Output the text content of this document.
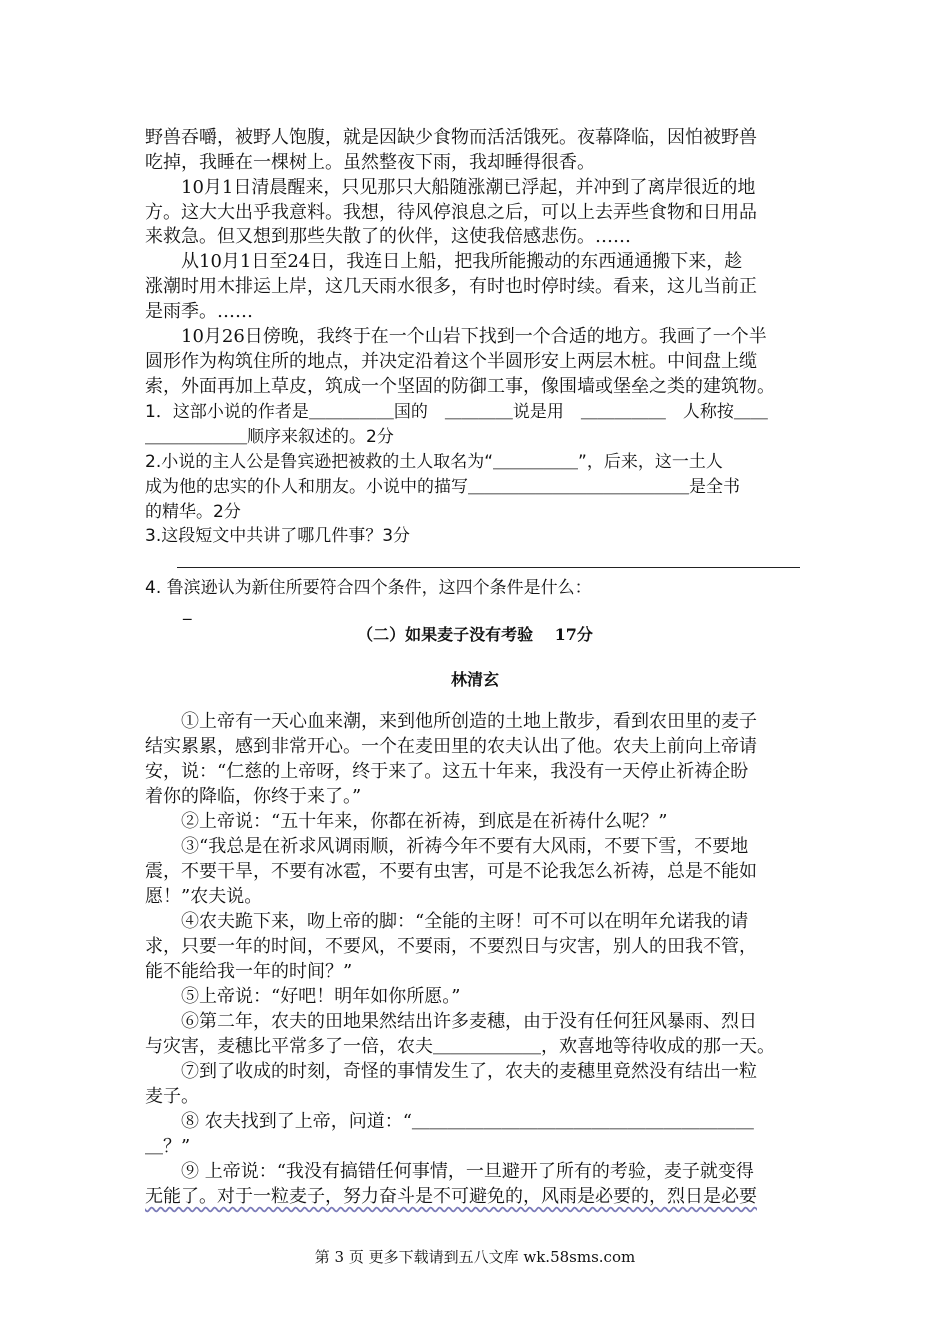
野兽吞嚼，被野人饱腹，就是因缺少食物而活活饿死。夜幕降临，因怕被野兽
吃掉，我睡在一棵树上。虽然整夜下雨，我却睡得很香。
　　10月1日清晨醒来，只见那只大船随涨潮已浮起，并冲到了离岸很近的地
方。这大大出乎我意料。我想，待风停浪息之后，可以上去弄些食物和日用品
来救急。但又想到那些失散了的伙伴，这使我倍感悲伤。……
　　从10月1日至24日，我连日上船，把我所能搬动的东西通通搬下来，趁
涨潮时用木排运上岸，这几天雨水很多，有时也时停时续。看来，这儿当前正
是雨季。……
　　10月26日傍晚，我终于在一个山岩下找到一个合适的地方。我画了一个半
圆形作为构筑住所的地点，并决定沿着这个半圆形安上两层木桩。中间盘上缆
索，外面再加上草皮，筑成一个坚固的防御工事，像围墙或堡垒之类的建筑物。
1．这部小说的作者是＿＿＿＿＿国的　＿＿＿＿说是用　＿＿＿＿＿　人称按＿＿
＿＿＿＿＿＿顺序来叙述的。2分
2.小说的主人公是鲁宾逊把被救的土人取名为“＿＿＿＿＿”，后来，这一土人
成为他的忠实的仆人和朋友。小说中的描写＿＿＿＿＿＿＿＿＿＿＿＿＿是全书
的精华。2分
3.这段短文中共讲了哪几件事？3分
4. 鲁滨逊认为新住所要符合四个条件，这四个条件是什么：
_
（二）如果麦子没有考验　 17分
林清玄
　　①上帝有一天心血来潮，来到他所创造的土地上散步，看到农田里的麦子
结实累累，感到非常开心。一个在麦田里的农夫认出了他。农夫上前向上帝请
安，说：“仁慈的上帝呀，终于来了。这五十年来，我没有一天停止祈祷企盼
着你的降临，你终于来了。”
　　②上帝说：“五十年来，你都在祈祷，到底是在祈祷什么呢？”
　　③“我总是在祈求风调雨顺，祈祷今年不要有大风雨，不要下雪，不要地
震，不要干旱，不要有冰雹，不要有虫害，可是不论我怎么祈祷，总是不能如
愿！”农夫说。
　　④农夫跪下来，吻上帝的脚：“全能的主呀！可不可以在明年允诺我的请
求，只要一年的时间，不要风，不要雨，不要烈日与灾害，别人的田我不管，
能不能给我一年的时间？”
　　⑤上帝说：“好吧！明年如你所愿。”
　　⑥第二年，农夫的田地果然结出许多麦穗，由于没有任何狂风暴雨、烈日
与灾害，麦穗比平常多了一倍，农夫＿＿＿＿＿＿，欢喜地等待收成的那一天。
　　⑦到了收成的时刻，奇怪的事情发生了，农夫的麦穗里竟然没有结出一粒
麦子。
　　⑧ 农夫找到了上帝，问道：“＿＿＿＿＿＿＿＿＿＿＿＿＿＿＿＿＿＿＿
＿？”
　　⑨ 上帝说：“我没有搞错任何事情，一旦避开了所有的考验，麦子就变得
无能了。对于一粒麦子，努力奋斗是不可避免的，风雨是必要的，烈日是必要
第 3 页 更多下载请到五八文库 wk.58sms.com
